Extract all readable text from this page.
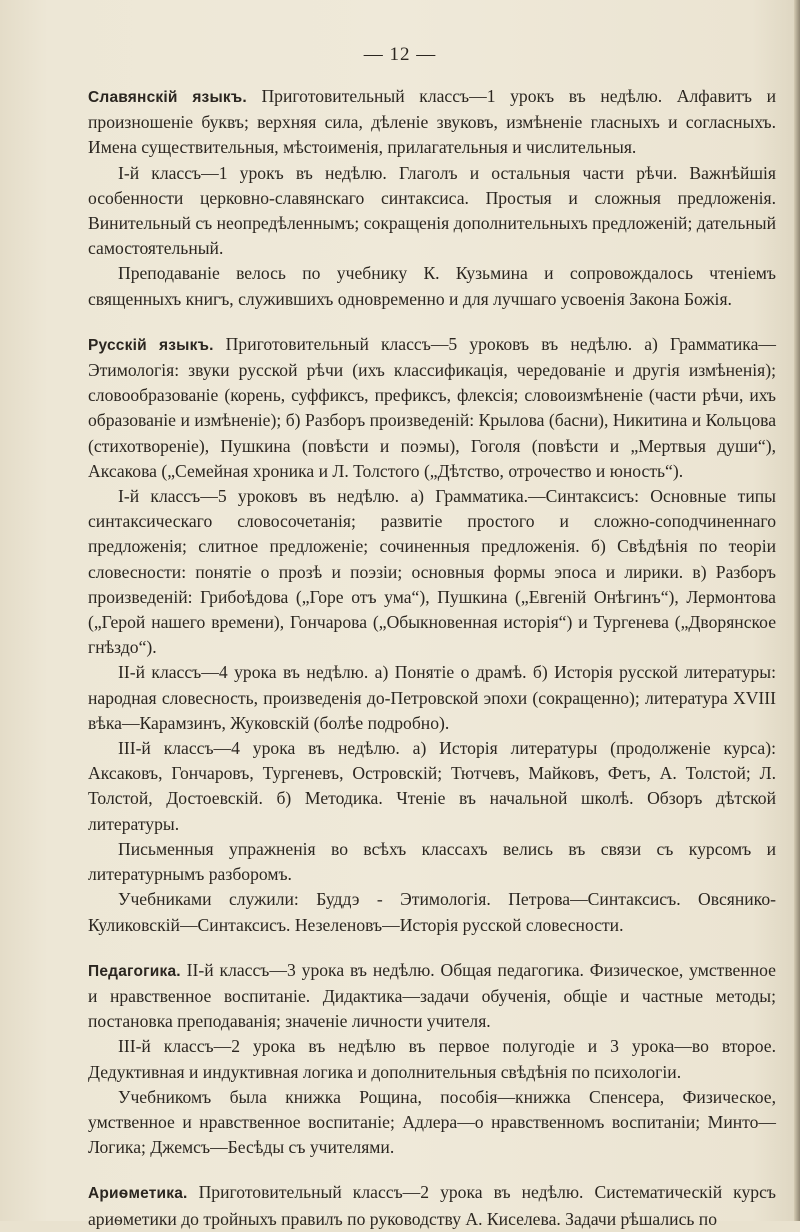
— 12 —

Славянскій языкъ. Приготовительный классъ—1 урокъ въ недѣлю. Алфавитъ и произношеніе буквъ; верхняя сила, дѣленіе звуковъ, измѣненіе гласныхъ и согласныхъ. Имена существительныя, мѣстоименія, прилагательныя и числительныя.

I-й классъ—1 урокъ въ недѣлю. Глаголъ и остальныя части рѣчи. Важнѣйшія особенности церковно-славянскаго синтаксиса. Простыя и сложныя предложенія. Винительный съ неопредѣленнымъ; сокращенія дополнительныхъ предложеній; дательный самостоятельный.

Преподаваніе велось по учебнику К. Кузьмина и сопровождалось чтеніемъ священныхъ книгъ, служившихъ одновременно и для лучшаго усвоенія Закона Божія.

Русскій языкъ. Приготовительный классъ—5 уроковъ въ недѣлю. а) Грамматика—Этимологія: звуки русской рѣчи (ихъ классификація, чередованіе и другія измѣненія); словообразованіе (корень, суффиксъ, префиксъ, флексія; словоизмѣненіе (части рѣчи, ихъ образованіе и измѣненіе); б) Разборъ произведеній: Крылова (басни), Никитина и Кольцова (стихотвореніе), Пушкина (повѣсти и поэмы), Гоголя (повѣсти и „Мертвыя души“), Аксакова („Семейная хроника и Л. Толстого („Дѣтство, отрочество и юность“).

I-й классъ—5 уроковъ въ недѣлю. а) Грамматика.—Синтаксисъ: Основные типы синтаксическаго словосочетанія; развитіе простого и сложно-соподчиненнаго предложенія; слитное предложеніе; сочиненныя предложенія. б) Свѣдѣнія по теоріи словесности: понятіе о прозѣ и поэзіи; основныя формы эпоса и лирики. в) Разборъ произведеній: Грибоѣдова („Горе отъ ума“), Пушкина („Евгеній Онѣгинъ“), Лермонтова („Герой нашего времени), Гончарова („Обыкновенная исторія“) и Тургенева („Дворянское гнѣздо“).

II-й классъ—4 урока въ недѣлю. а) Понятіе о драмѣ. б) Исторія русской литературы: народная словесность, произведенія до-Петровской эпохи (сокращенно); литература XVIII вѣка—Карамзинъ, Жуковскій (болѣе подробно).

III-й классъ—4 урока въ недѣлю. а) Исторія литературы (продолженіе курса): Аксаковъ, Гончаровъ, Тургеневъ, Островскій; Тютчевъ, Майковъ, Фетъ, А. Толстой; Л. Толстой, Достоевскій. б) Методика. Чтеніе въ начальной школѣ. Обзоръ дѣтской литературы.

Письменныя упражненія во всѣхъ классахъ велись въ связи съ курсомъ и литературнымъ разборомъ.

Учебниками служили: Буддэ - Этимологія. Петрова—Синтаксисъ. Овсянико-Куликовскій—Синтаксисъ. Незеленовъ—Исторія русской словесности.

Педагогика. II-й классъ—3 урока въ недѣлю. Общая педагогика. Физическое, умственное и нравственное воспитаніе. Дидактика—задачи обученія, общіе и частные методы; постановка преподаванія; значеніе личности учителя.

III-й классъ—2 урока въ недѣлю въ первое полугодіе и 3 урока—во второе. Дедуктивная и индуктивная логика и дополнительныя свѣдѣнія по психологіи.

Учебникомъ была книжка Рощина, пособія—книжка Спенсера, Физическое, умственное и нравственное воспитаніе; Адлера—о нравственномъ воспитаніи; Минто—Логика; Джемсъ—Бесѣды съ учителями.

Ариѳметика. Приготовительный классъ—2 урока въ недѣлю. Систематическій курсъ ариѳметики до тройныхъ правилъ по руководству А. Киселева. Задачи рѣшались по
